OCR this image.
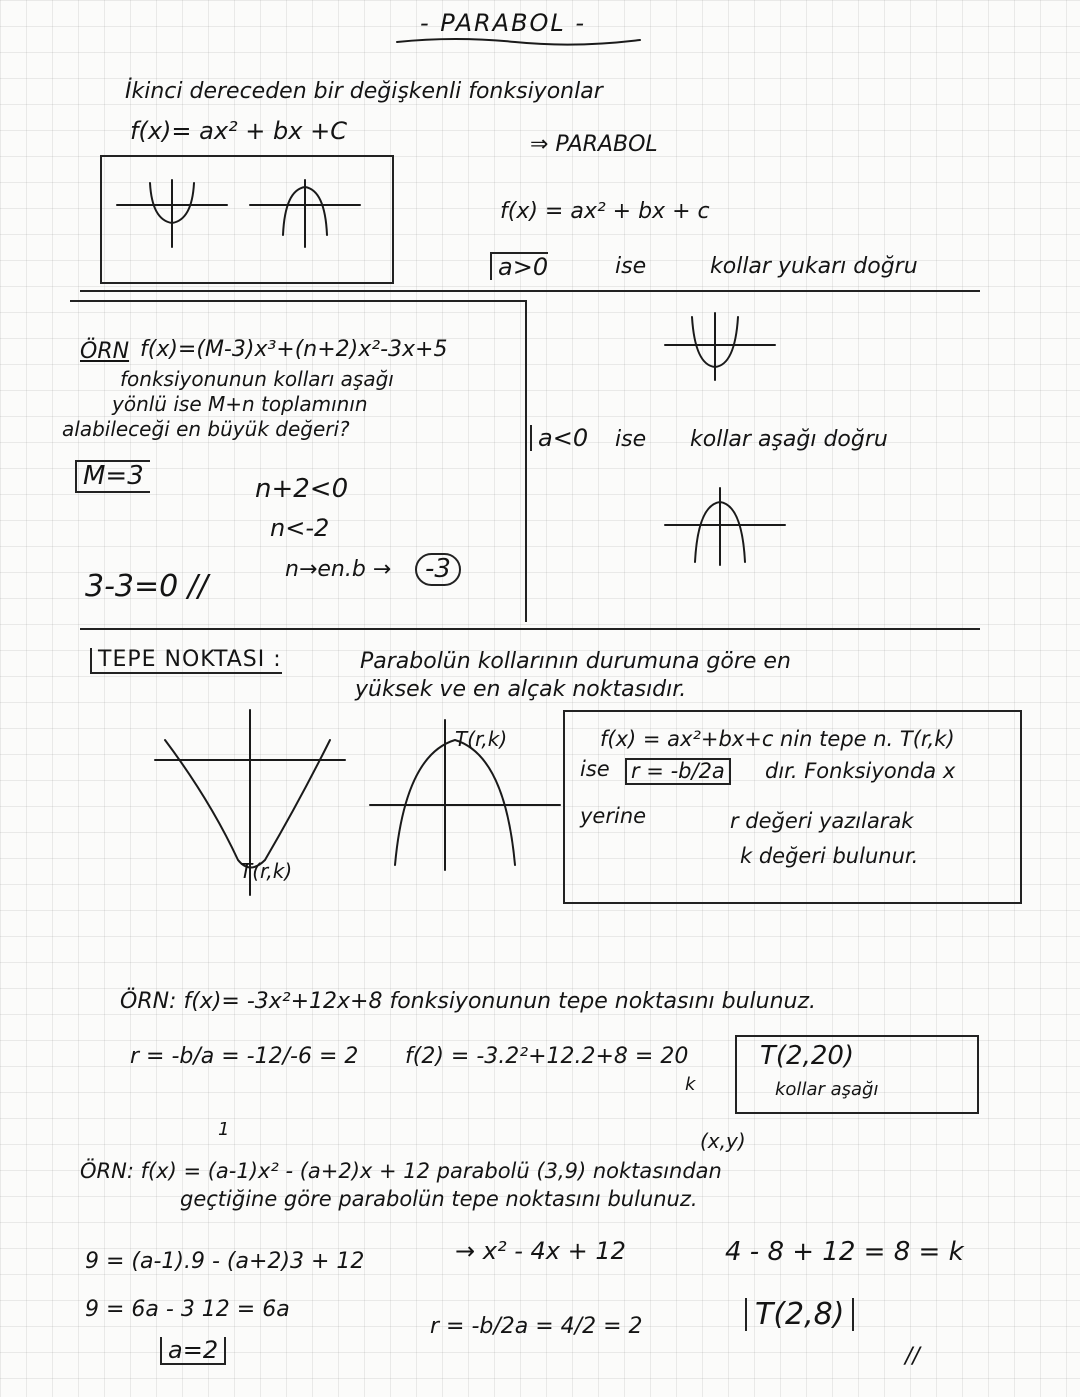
- PARABOL -
İkinci dereceden bir değişkenli fonksiyonlar
f(x)= ax² + bx +C	⇒ PARABOL
f(x) = ax² + bx + c
a>0	ise	kollar yukarı doğru
ÖRN f(x)=(M-3)x³+(n+2)x²-3x+5
fonksiyonunun kolları aşağı
yönlü ise M+n toplamının
alabileceği en büyük değeri?
M=3	n+2<0
n<-2
n→en.b →	-3
3-3=0 //
a<0 ise kollar aşağı doğru
TEPE NOKTASI :	Parabolün kollarının durumuna göre en
yüksek ve en alçak noktasıdır.
T(r,k)
T(r,k)	f(x) = ax²+bx+c nin tepe n. T(r,k)
ise r = -b/2a dır. Fonksiyonda x
yerine	r değeri yazılarak
k değeri bulunur.
ÖRN: f(x)= -3x²+12x+8 fonksiyonunun tepe noktasını bulunuz.
r = -b/a = -12/-6 = 2 f(2) = -3.2²+12.2+8 = 20
k
T(2,20)
kollar aşağı
1	(x,y)
ÖRN: f(x) = (a-1)x² - (a+2)x + 12 parabolü (3,9) noktasından
geçtiğine göre parabolün tepe noktasını bulunuz.
9 = (a-1).9 - (a+2)3 + 12
9 = 6a - 3 12 = 6a
a=2
→ x² - 4x + 12
r = -b/2a = 4/2 = 2
4 - 8 + 12 = 8 = k
T(2,8)
//
